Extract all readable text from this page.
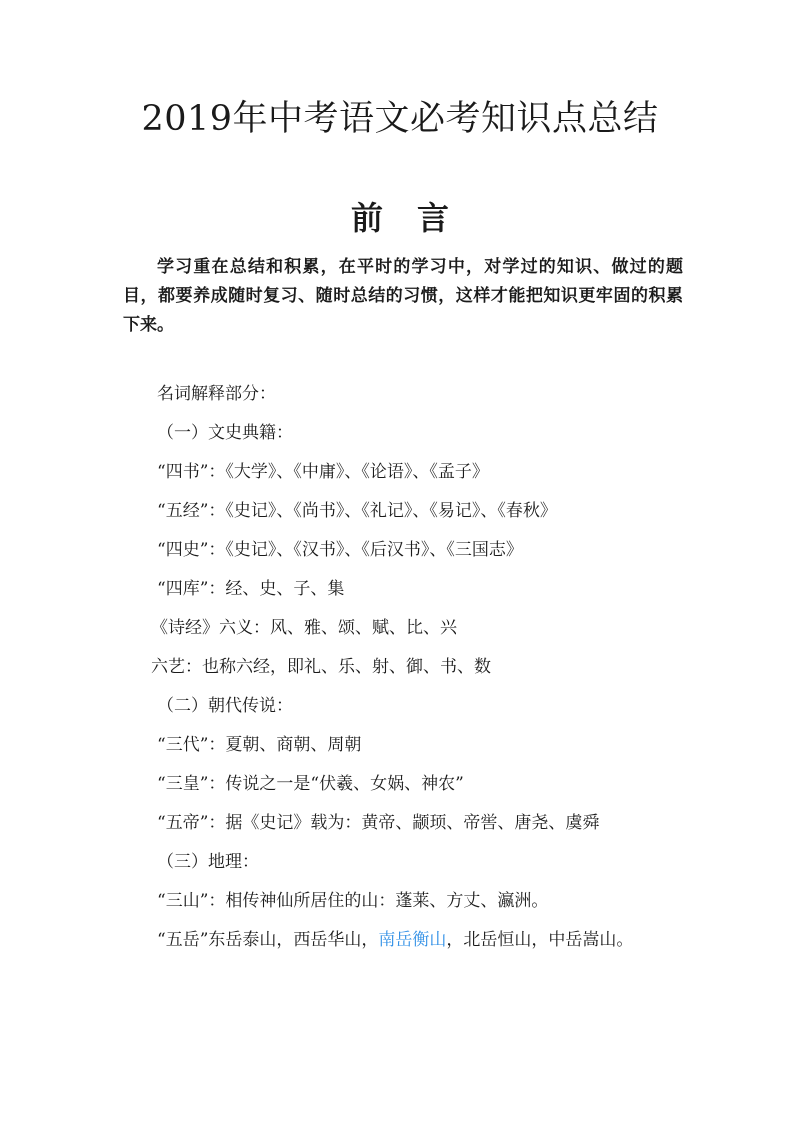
2019年中考语文必考知识点总结
前言

学习重在总结和积累，在平时的学习中，对学过的知识、做过的题目，都要养成随时复习、随时总结的习惯，这样才能把知识更牢固的积累下来。

名词解释部分：

（一）文史典籍：

“四书”：《大学》、《中庸》、《论语》、《孟子》

“五经”：《史记》、《尚书》、《礼记》、《易记》、《春秋》

“四史”：《史记》、《汉书》、《后汉书》、《三国志》

“四库”：经、史、子、集

《诗经》六义：风、雅、颂、赋、比、兴

六艺：也称六经，即礼、乐、射、御、书、数

（二）朝代传说：

“三代”：夏朝、商朝、周朝

“三皇”：传说之一是“伏羲、女娲、神农”

“五帝”：据《史记》载为：黄帝、颛顼、帝喾、唐尧、虞舜

（三）地理：

“三山”：相传神仙所居住的山：蓬莱、方丈、瀛洲。

“五岳”东岳泰山，西岳华山，南岳衡山，北岳恒山，中岳嵩山。
